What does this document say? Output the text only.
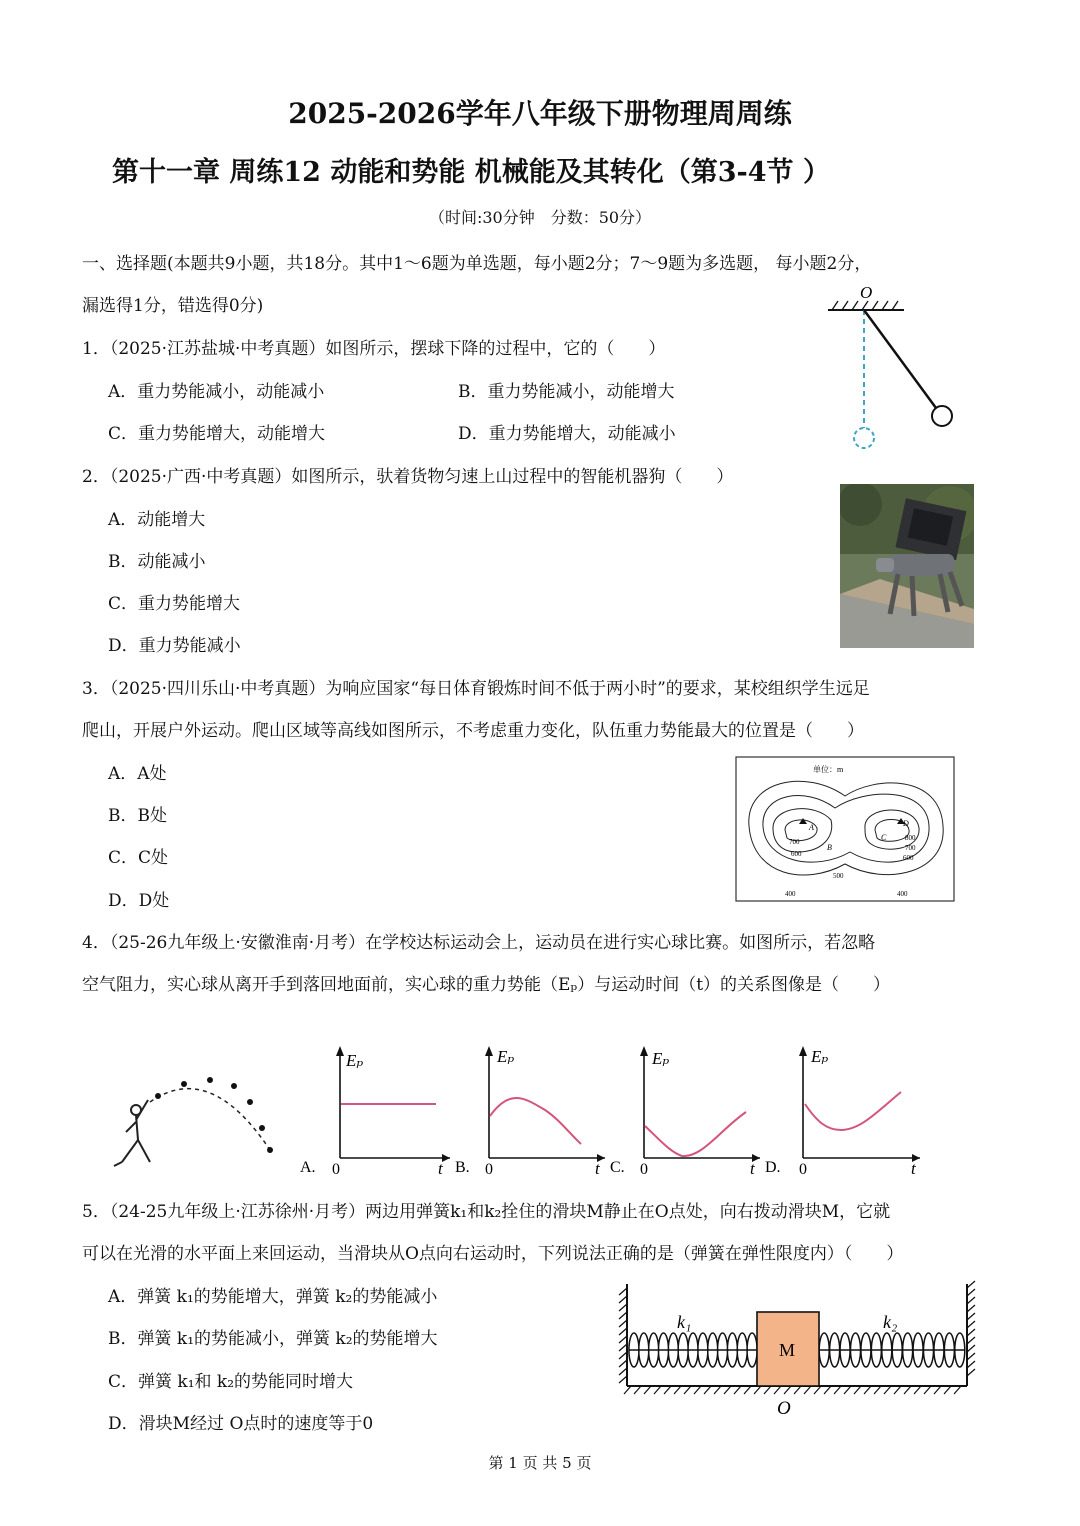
2025-2026学年八年级下册物理周周练
第十一章 周练12 动能和势能 机械能及其转化（第3-4节 ）
（时间:30分钟　分数：50分）
一、选择题(本题共9小题，共18分。其中1～6题为单选题，每小题2分；7～9题为多选题， 每小题2分，
漏选得1分，错选得0分)
1．（2025·江苏盐城·中考真题）如图所示，摆球下降的过程中，它的（　　）
A．重力势能减小，动能减小	B．重力势能减小，动能增大
C．重力势能增大，动能增大	D．重力势能增大，动能减小
O
2．（2025·广西·中考真题）如图所示，驮着货物匀速上山过程中的智能机器狗（　　）
A．动能增大
B．动能减小
C．重力势能增大
D．重力势能减小
3．（2025·四川乐山·中考真题）为响应国家“每日体育锻炼时间不低于两小时”的要求，某校组织学生远足
爬山，开展户外运动。爬山区域等高线如图所示，不考虑重力变化，队伍重力势能最大的位置是（　　）
A．A处
B．B处
C．C处
D．D处
单位：m
A
B
C
D
700
600
500
400
800
700
600
400
4．（25-26九年级上·安徽淮南·月考）在学校达标运动会上，运动员在进行实心球比赛。如图所示，若忽略
空气阻力，实心球从离开手到落回地面前，实心球的重力势能（Eₚ）与运动时间（t）的关系图像是（　　）
A.
Eₚ
0	t B.
Eₚ
0	t C.
Eₚ
0	t D.
Eₚ
0	t
5．（24-25九年级上·江苏徐州·月考）两边用弹簧k₁和k₂拴住的滑块M静止在O点处，向右拨动滑块M，它就
可以在光滑的水平面上来回运动，当滑块从O点向右运动时，下列说法正确的是（弹簧在弹性限度内）（　　）
A．弹簧 k₁的势能增大，弹簧 k₂的势能减小
B．弹簧 k₁的势能减小，弹簧 k₂的势能增大
C．弹簧 k₁和 k₂的势能同时增大
D．滑块M经过 O点时的速度等于0
M
k₁	k₂
O
第 1 页 共 5 页
